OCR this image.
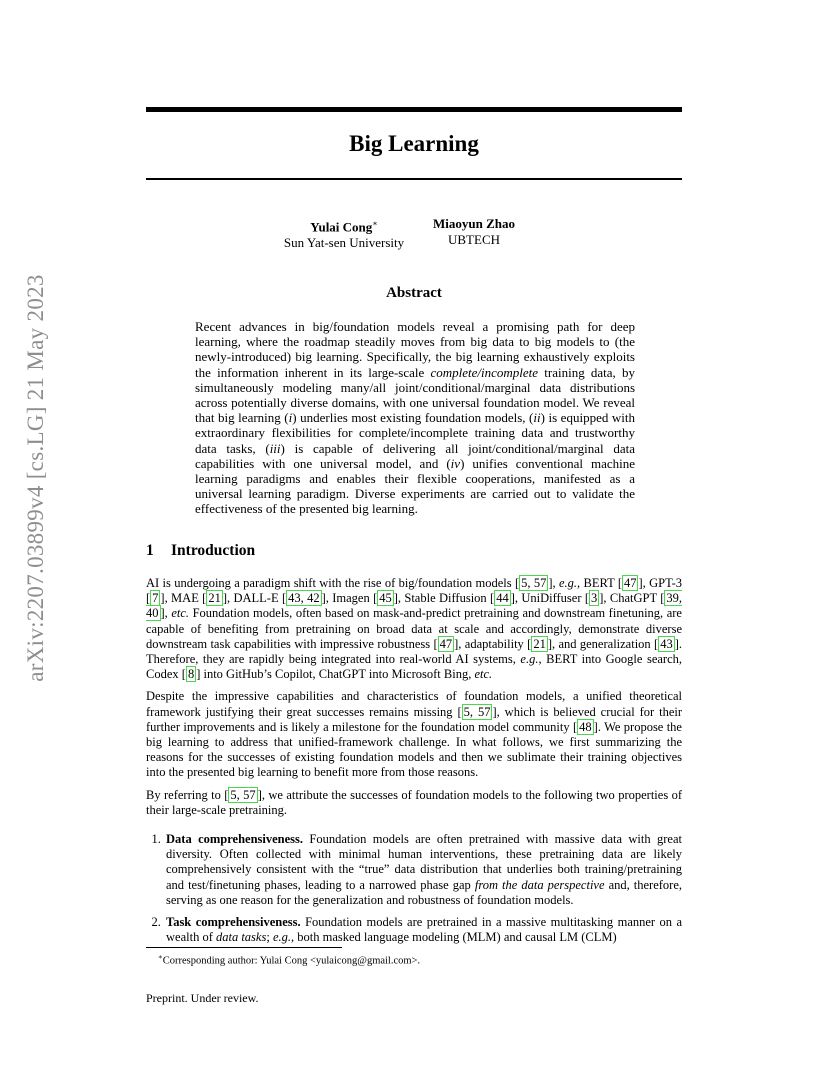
arXiv:2207.03899v4 [cs.LG] 21 May 2023
Big Learning
Yulai Cong∗
Sun Yat-sen University
Miaoyun Zhao
UBTECH
Abstract
Recent advances in big/foundation models reveal a promising path for deep learning, where the roadmap steadily moves from big data to big models to (the newly-introduced) big learning. Specifically, the big learning exhaustively exploits the information inherent in its large-scale complete/incomplete training data, by simultaneously modeling many/all joint/conditional/marginal data distributions across potentially diverse domains, with one universal foundation model. We reveal that big learning (i) underlies most existing foundation models, (ii) is equipped with extraordinary flexibilities for complete/incomplete training data and trustworthy data tasks, (iii) is capable of delivering all joint/conditional/marginal data capabilities with one universal model, and (iv) unifies conventional machine learning paradigms and enables their flexible cooperations, manifested as a universal learning paradigm. Diverse experiments are carried out to validate the effectiveness of the presented big learning.
1 Introduction

AI is undergoing a paradigm shift with the rise of big/foundation models [ 5, 57 ], e.g., BERT [ 47 ], GPT-3 [ 7 ], MAE [ 21 ], DALL-E [ 43, 42 ], Imagen [ 45 ], Stable Diffusion [ 44 ], UniDiffuser [ 3 ], ChatGPT [ 39, 40 ], etc. Foundation models, often based on mask-and-predict pretraining and downstream finetuning, are capable of benefiting from pretraining on broad data at scale and accordingly, demonstrate diverse downstream task capabilities with impressive robustness [ 47 ], adaptability [ 21 ], and generalization [ 43 ]. Therefore, they are rapidly being integrated into real-world AI systems, e.g., BERT into Google search, Codex [ 8 ] into GitHub’s Copilot, ChatGPT into Microsoft Bing, etc.

Despite the impressive capabilities and characteristics of foundation models, a unified theoretical framework justifying their great successes remains missing [ 5, 57 ], which is believed crucial for their further improvements and is likely a milestone for the foundation model community [ 48 ]. We propose the big learning to address that unified-framework challenge. In what follows, we first summarizing the reasons for the successes of existing foundation models and then we sublimate their training objectives into the presented big learning to benefit more from those reasons.

By referring to [ 5, 57 ], we attribute the successes of foundation models to the following two properties of their large-scale pretraining.

1. Data comprehensiveness. Foundation models are often pretrained with massive data with great diversity. Often collected with minimal human interventions, these pretraining data are likely comprehensively consistent with the “true” data distribution that underlies both training/pretraining and test/finetuning phases, leading to a narrowed phase gap from the data perspective and, therefore, serving as one reason for the generalization and robustness of foundation models.
2. Task comprehensiveness. Foundation models are pretrained in a massive multitasking manner on a wealth of data tasks; e.g., both masked language modeling (MLM) and causal LM (CLM)
∗Corresponding author: Yulai Cong <yulaicong@gmail.com>.
Preprint. Under review.
